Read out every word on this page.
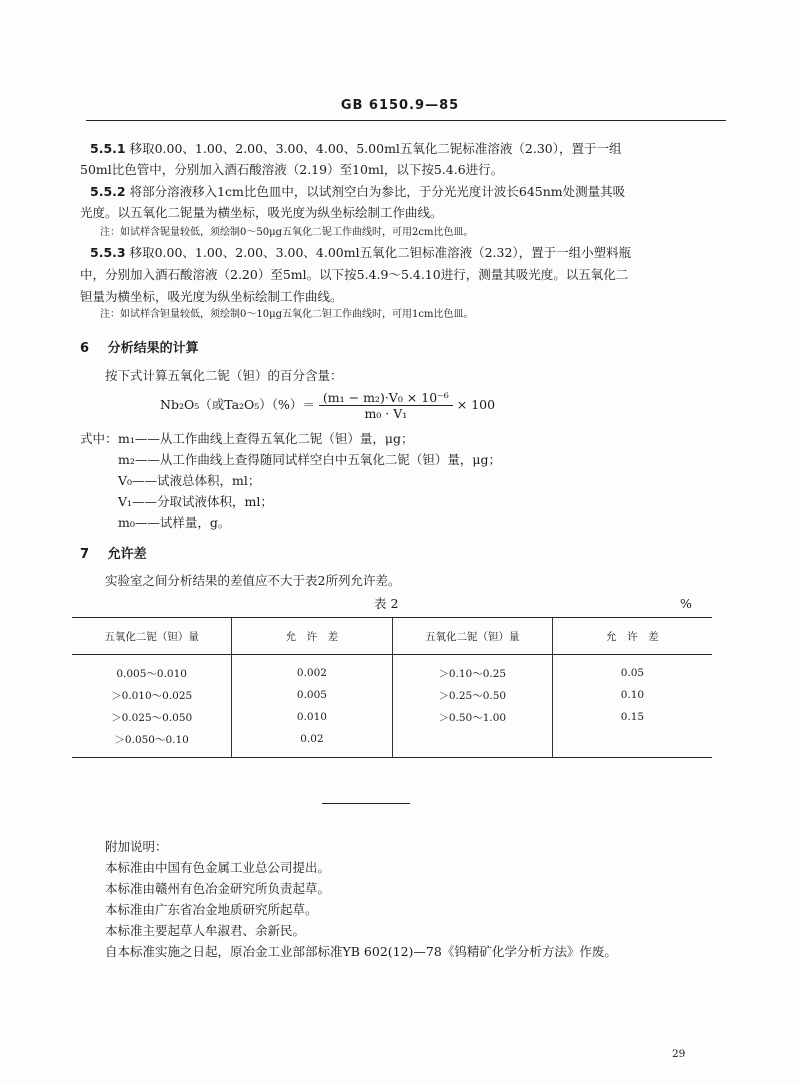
GB 6150.9—85
5.5.1 移取0.00、1.00、2.00、3.00、4.00、5.00ml五氧化二铌标准溶液（2.30），置于一组
50ml比色管中，分别加入酒石酸溶液（2.19）至10ml，以下按5.4.6进行。
5.5.2 将部分溶液移入1cm比色皿中，以试剂空白为参比，于分光光度计波长645nm处测量其吸
光度。以五氧化二铌量为横坐标，吸光度为纵坐标绘制工作曲线。
注：如试样含铌量较低，须绘制0～50μg五氧化二铌工作曲线时，可用2cm比色皿。
5.5.3 移取0.00、1.00、2.00、3.00、4.00ml五氧化二钽标准溶液（2.32），置于一组小塑料瓶
中，分别加入酒石酸溶液（2.20）至5ml。以下按5.4.9～5.4.10进行，测量其吸光度。以五氧化二
钽量为横坐标，吸光度为纵坐标绘制工作曲线。
注：如试样含钽量较低，须绘制0～10μg五氧化二钽工作曲线时，可用1cm比色皿。
6 分析结果的计算
按下式计算五氧化二铌（钽）的百分含量：
Nb₂O₅（或$Ta_2O_5)(\%)= \frac{\text{(m₁ − m₂)·V₀ × 10⁻⁶}}{\text{m₀ · V₁}} \times 100$
式中： m₁——从工作曲线上查得五氧化二铌（钽）量，μg；
m₂——从工作曲线上查得随同试样空白中五氧化二铌（钽）量，μg；
V₀——试液总体积，ml；
V₁——分取试液体积，ml；
m₀——试样量，g。
7 允许差
实验室之间分析结果的差值应不大于表2所列允许差。
表 2	%
五氧化二铌（钽）量	允　许　差	五氧化二铌（钽）量	允　许　差
0.005～0.010	0.002	＞0.10～0.25	0.05
＞0.010～0.025	0.005	＞0.25～0.50	0.10
＞0.025～0.050	0.010	＞0.50～1.00	0.15
＞0.050～0.10	0.02		
附加说明：
本标准由中国有色金属工业总公司提出。
本标准由赣州有色冶金研究所负责起草。
本标准由广东省冶金地质研究所起草。
本标准主要起草人牟淑君、余新民。
自本标准实施之日起，原冶金工业部部标准YB 602(12)—78《钨精矿化学分析方法》作废。
29
